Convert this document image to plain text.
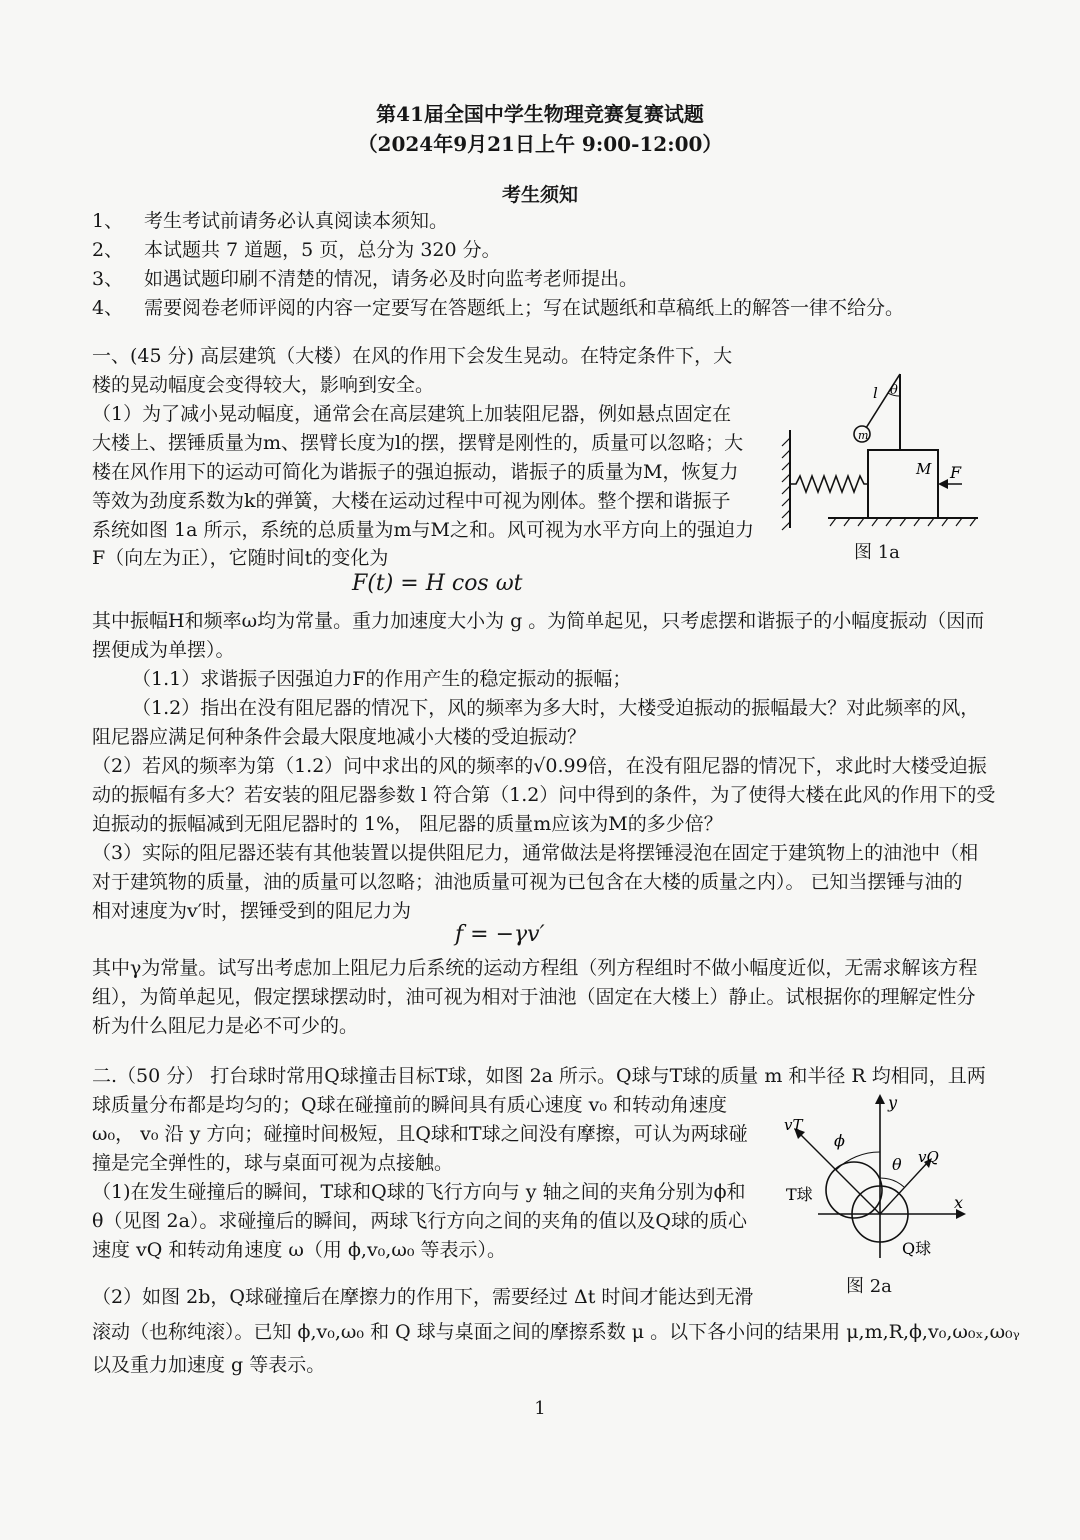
第41届全国中学生物理竞赛复赛试题
（2024年9月21日上午 9:00-12:00）
考生须知
1、 考生考试前请务必认真阅读本须知。
2、 本试题共 7 道题，5 页，总分为 320 分。
3、 如遇试题印刷不清楚的情况，请务必及时向监考老师提出。
4、 需要阅卷老师评阅的内容一定要写在答题纸上；写在试题纸和草稿纸上的解答一律不给分。
一、(45 分) 高层建筑（大楼）在风的作用下会发生晃动。在特定条件下，大
楼的晃动幅度会变得较大，影响到安全。
（1）为了减小晃动幅度，通常会在高层建筑上加装阻尼器，例如悬点固定在
大楼上、摆锤质量为m、摆臂长度为l的摆，摆臂是刚性的，质量可以忽略；大
楼在风作用下的运动可简化为谐振子的强迫振动，谐振子的质量为M，恢复力
等效为劲度系数为k的弹簧，大楼在运动过程中可视为刚体。整个摆和谐振子
系统如图 1a 所示，系统的总质量为m与M之和。风可视为水平方向上的强迫力
F（向左为正），它随时间t的变化为
F(t) = H cos ωt
其中振幅H和频率ω均为常量。重力加速度大小为 g 。为简单起见，只考虑摆和谐振子的小幅度振动（因而
摆便成为单摆）。
（1.1）求谐振子因强迫力F的作用产生的稳定振动的振幅；
（1.2）指出在没有阻尼器的情况下，风的频率为多大时，大楼受迫振动的振幅最大？对此频率的风，
阻尼器应满足何种条件会最大限度地减小大楼的受迫振动？
（2）若风的频率为第（1.2）问中求出的风的频率的√0.99倍，在没有阻尼器的情况下，求此时大楼受迫振
动的振幅有多大？若安装的阻尼器参数 l 符合第（1.2）问中得到的条件，为了使得大楼在此风的作用下的受
迫振动的振幅减到无阻尼器时的 1%， 阻尼器的质量m应该为M的多少倍？
（3）实际的阻尼器还装有其他装置以提供阻尼力，通常做法是将摆锤浸泡在固定于建筑物上的油池中（相
对于建筑物的质量，油的质量可以忽略；油池质量可视为已包含在大楼的质量之内）。 已知当摆锤与油的
相对速度为v′时，摆锤受到的阻尼力为
f = −γv′
其中γ为常量。试写出考虑加上阻尼力后系统的运动方程组（列方程组时不做小幅度近似，无需求解该方程
组），为简单起见，假定摆球摆动时，油可视为相对于油池（固定在大楼上）静止。试根据你的理解定性分
析为什么阻尼力是必不可少的。
M
m
l θ
F
图 1a
二.（50 分） 打台球时常用Q球撞击目标T球，如图 2a 所示。Q球与T球的质量 m 和半径 R 均相同，且两
球质量分布都是均匀的；Q球在碰撞前的瞬间具有质心速度 v₀ 和转动角速度
ω₀， v₀ 沿 y 方向；碰撞时间极短，且Q球和T球之间没有摩擦，可认为两球碰
撞是完全弹性的，球与桌面可视为点接触。
（1)在发生碰撞后的瞬间，T球和Q球的飞行方向与 y 轴之间的夹角分别为ϕ和
θ（见图 2a）。求碰撞后的瞬间，两球飞行方向之间的夹角的值以及Q球的质心
速度 vQ 和转动角速度 ω（用 ϕ,v₀,ω₀ 等表示）。
（2）如图 2b，Q球碰撞后在摩擦力的作用下，需要经过 Δt 时间才能达到无滑
滚动（也称纯滚）。已知 ϕ,v₀,ω₀ 和 Q 球与桌面之间的摩擦系数 μ 。以下各小问的结果用 μ,m,R,ϕ,v₀,ω₀ₓ,ω₀ᵧ
以及重力加速度 g 等表示。
y
x
vT
vQ
ϕ
θ
T球
Q球
图 2a
1
